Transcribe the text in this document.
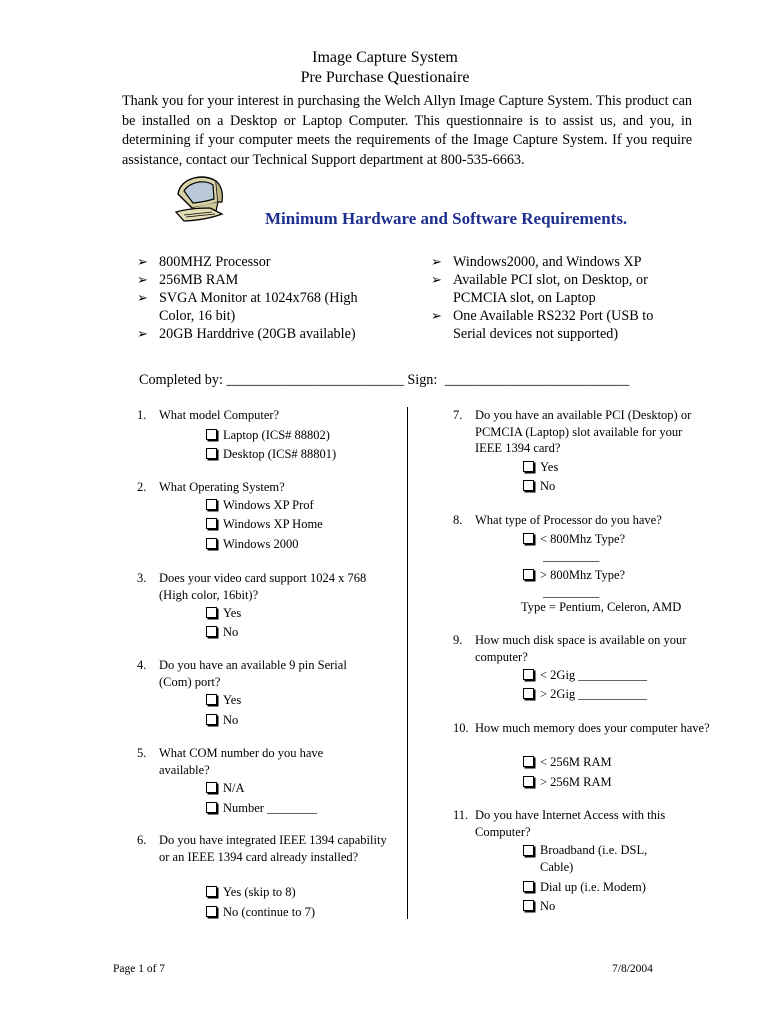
Image Capture System
Pre Purchase Questionaire
Thank you for your interest in purchasing the Welch Allyn Image Capture System. This product can be installed on a Desktop or Laptop Computer. This questionnaire is to assist us, and you, in determining if your computer meets the requirements of the Image Capture System. If you require assistance, contact our Technical Support department at 800-535-6663.
Minimum Hardware and Software Requirements.
➢ 800MHZ Processor
➢ 256MB RAM
➢ SVGA Monitor at 1024x768 (High Color, 16 bit)
➢ 20GB Harddrive (20GB available)
➢ Windows2000, and Windows XP
➢ Available PCI slot, on Desktop, or PCMCIA slot, on Laptop
➢ One Available RS232 Port (USB to Serial devices not supported)
Completed by: _________________________ Sign: __________________________
1. What model Computer?
Laptop (ICS# 88802)
Desktop (ICS# 88801)
2. What Operating System?
Windows XP Prof
Windows XP Home
Windows 2000
3. Does your video card support 1024 x 768 (High color, 16bit)?
Yes
No
4. Do you have an available 9 pin Serial (Com) port?
Yes
No
5. What COM number do you have available?
N/A
Number ________
6. Do you have integrated IEEE 1394 capability or an IEEE 1394 card already installed?
Yes (skip to 8)
No (continue to 7)
7. Do you have an available PCI (Desktop) or PCMCIA (Laptop) slot available for your IEEE 1394 card?
Yes
No
8. What type of Processor do you have?
< 800Mhz Type?
_________
> 800Mhz Type?
_________
Type = Pentium, Celeron, AMD
9. How much disk space is available on your computer?
< 2Gig ___________
> 2Gig ___________
10. How much memory does your computer have?
< 256M RAM
> 256M RAM
11. Do you have Internet Access with this Computer?
Broadband (i.e. DSL, Cable)
Dial up (i.e. Modem)
No
Page 1 of 7	7/8/2004
